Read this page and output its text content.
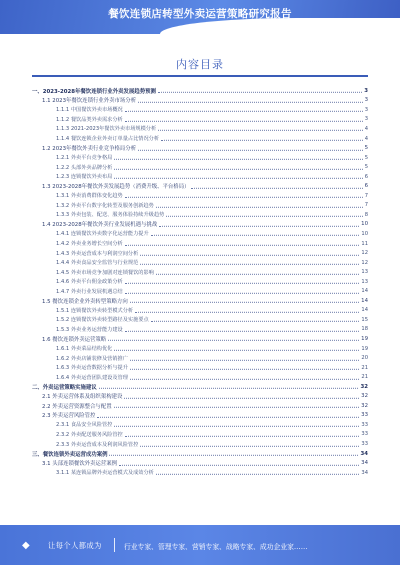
餐饮连锁店转型外卖运营策略研究报告
内容目录
一、2023-2028年餐饮连锁行业外卖发展趋势预测	3
1.1 2023年餐饮连锁行业外卖市场分析	3
1.1.1 中国餐饮外卖市场概况	3
1.1.2 餐饮品类外卖需求分析	3
1.1.3 2021-2023年餐饮外卖市场规模分析	4
1.1.4 餐饮连锁企业外卖订单量占比情况分析	4
1.2 2023年餐饮外卖行业竞争格局分析	5
1.2.1 外卖平台竞争格局	5
1.2.2 头部外卖品牌分析	5
1.2.3 连锁餐饮外卖布局	6
1.3 2023-2028年餐饮外卖发展趋势（消费升级、平台格局）	6
1.3.1 外卖消费群体变化趋势	7
1.3.2 外卖平台数字化转型及服务创新趋势	7
1.3.3 外卖包装、配送、服务体验持续升级趋势	8
1.4 2023-2028年餐饮外卖行业发展机遇与挑战	10
1.4.1 连锁餐饮外卖数字化运营能力提升	10
1.4.2 外卖业务增长空间分析	11
1.4.3 外卖运营成本与利润空间分析	12
1.4.4 外卖食品安全监管与行业规范	12
1.4.5 外卖市场竞争加剧对连锁餐饮的影响	13
1.4.6 外卖平台佣金政策分析	13
1.4.7 外卖行业发展机遇总结	14
1.5 餐饮连锁企业外卖转型策略方向	14
1.5.1 连锁餐饮外卖转型模式分析	14
1.5.2 连锁餐饮外卖转型路径及实施要点	15
1.5.3 外卖业务运营能力建设	18
1.6 餐饮连锁外卖运营策略	19
1.6.1 外卖菜品结构优化	19
1.6.2 外卖店铺装修及营销推广	20
1.6.3 外卖运营数据分析与提升	21
1.6.4 外卖运营团队建设及管理	21
二、外卖运营策略实施建议	32
2.1 外卖运营体系及组织架构建设	32
2.2 外卖运营资源整合与配置	32
2.3 外卖运营风险管控	33
2.3.1 食品安全风险管控	33
2.3.2 外卖配送服务风险管控	33
2.3.3 外卖运营成本及利润风险管控	33
三、餐饮连锁外卖运营成功案例	34
3.1 头部连锁餐饮外卖运营案例	34
3.1.1 某连锁品牌外卖运营模式及成效分析	34
◆	让每个人都成为	行业专家、管理专家、营销专家、战略专家、成功企业家……
